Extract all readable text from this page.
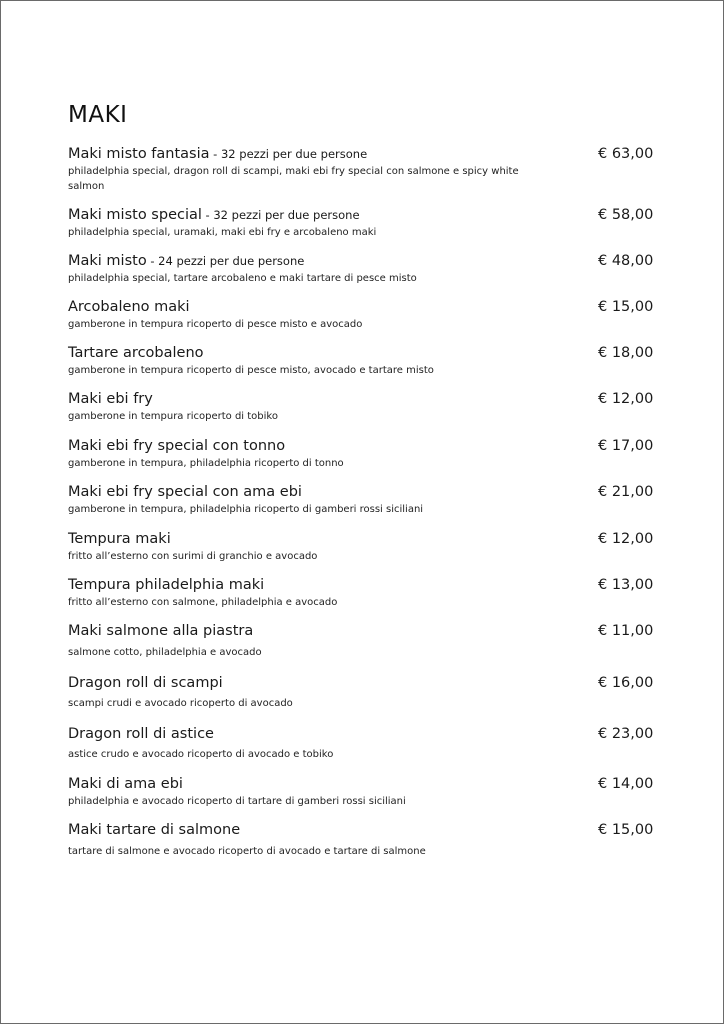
MAKI
Maki misto fantasia - 32 pezzi per due persone
philadelphia special, dragon roll di scampi, maki ebi fry special con salmone e spicy white salmon
€ 63,00
Maki misto special - 32 pezzi per due persone
philadelphia special, uramaki, maki ebi fry e arcobaleno maki
€ 58,00
Maki misto - 24 pezzi per due persone
philadelphia special, tartare arcobaleno e maki tartare di pesce misto
€ 48,00
Arcobaleno maki
gamberone in tempura ricoperto di pesce misto e avocado
€ 15,00
Tartare arcobaleno
gamberone in tempura ricoperto di pesce misto, avocado e tartare misto
€ 18,00
Maki ebi fry
gamberone in tempura ricoperto di tobiko
€ 12,00
Maki ebi fry special con tonno
gamberone in tempura, philadelphia ricoperto di tonno
€ 17,00
Maki ebi fry special con ama ebi
gamberone in tempura, philadelphia ricoperto di gamberi rossi siciliani
€ 21,00
Tempura maki
fritto all’esterno con surimi di granchio e avocado
€ 12,00
Tempura philadelphia maki
fritto all’esterno con salmone, philadelphia e avocado
€ 13,00
Maki salmone alla piastra
salmone cotto, philadelphia e avocado
€ 11,00
Dragon roll di scampi
scampi crudi e avocado ricoperto di avocado
€ 16,00
Dragon roll di astice
astice crudo e avocado ricoperto di avocado e tobiko
€ 23,00
Maki di ama ebi
philadelphia e avocado ricoperto di tartare di gamberi rossi siciliani
€ 14,00
Maki tartare di salmone
tartare di salmone e avocado ricoperto di avocado e tartare di salmone
€ 15,00
